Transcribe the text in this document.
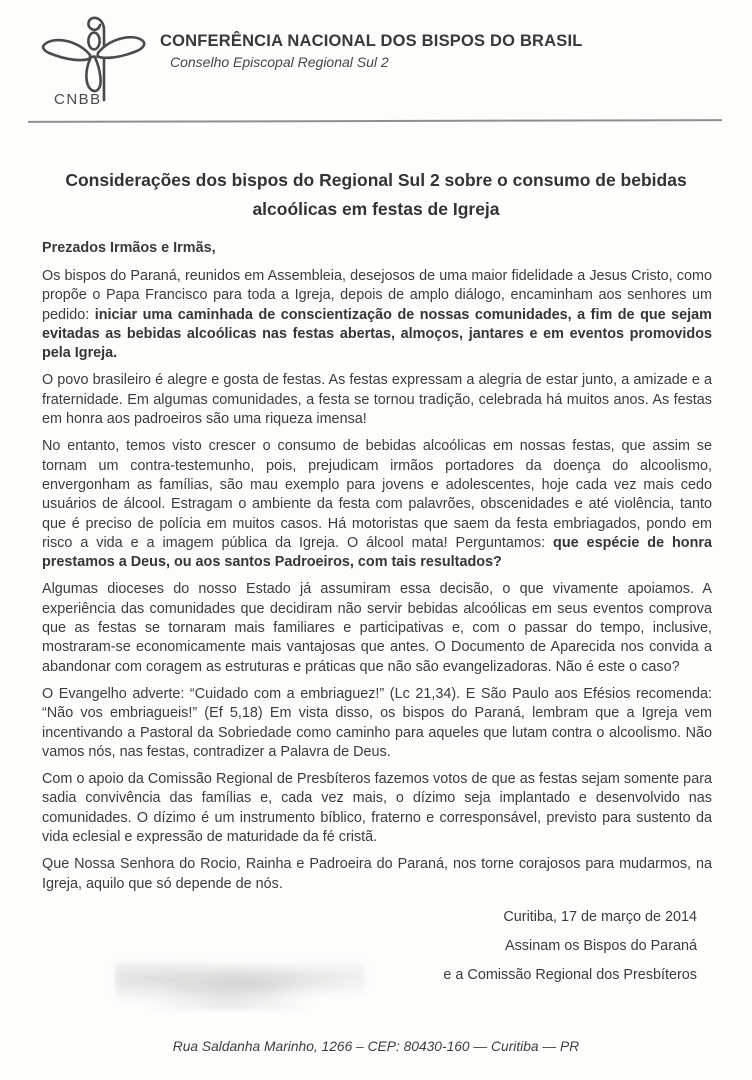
CNBB
CONFERÊNCIA NACIONAL DOS BISPOS DO BRASIL
Conselho Episcopal Regional Sul 2
Considerações dos bispos do Regional Sul 2 sobre o consumo de bebidas alcoólicas em festas de Igreja

Prezados Irmãos e Irmãs,

Os bispos do Paraná, reunidos em Assembleia, desejosos de uma maior fidelidade a Jesus Cristo, como propõe o Papa Francisco para toda a Igreja, depois de amplo diálogo, encaminham aos senhores um pedido: iniciar uma caminhada de conscientização de nossas comunidades, a fim de que sejam evitadas as bebidas alcoólicas nas festas abertas, almoços, jantares e em eventos promovidos pela Igreja.

O povo brasileiro é alegre e gosta de festas. As festas expressam a alegria de estar junto, a amizade e a fraternidade. Em algumas comunidades, a festa se tornou tradição, celebrada há muitos anos. As festas em honra aos padroeiros são uma riqueza imensa!

No entanto, temos visto crescer o consumo de bebidas alcoólicas em nossas festas, que assim se tornam um contra-testemunho, pois, prejudicam irmãos portadores da doença do alcoolismo, envergonham as famílias, são mau exemplo para jovens e adolescentes, hoje cada vez mais cedo usuários de álcool. Estragam o ambiente da festa com palavrões, obscenidades e até violência, tanto que é preciso de polícia em muitos casos. Há motoristas que saem da festa embriagados, pondo em risco a vida e a imagem pública da Igreja. O álcool mata! Perguntamos: que espécie de honra prestamos a Deus, ou aos santos Padroeiros, com tais resultados?

Algumas dioceses do nosso Estado já assumiram essa decisão, o que vivamente apoiamos. A experiência das comunidades que decidiram não servir bebidas alcoólicas em seus eventos comprova que as festas se tornaram mais familiares e participativas e, com o passar do tempo, inclusive, mostraram-se economicamente mais vantajosas que antes. O Documento de Aparecida nos convida a abandonar com coragem as estruturas e práticas que não são evangelizadoras. Não é este o caso?

O Evangelho adverte: “Cuidado com a embriaguez!” (Lc 21,34). E São Paulo aos Efésios recomenda: “Não vos embriagueis!” (Ef 5,18) Em vista disso, os bispos do Paraná, lembram que a Igreja vem incentivando a Pastoral da Sobriedade como caminho para aqueles que lutam contra o alcoolismo. Não vamos nós, nas festas, contradizer a Palavra de Deus.

Com o apoio da Comissão Regional de Presbíteros fazemos votos de que as festas sejam somente para sadia convivência das famílias e, cada vez mais, o dízimo seja implantado e desenvolvido nas comunidades. O dízimo é um instrumento bíblico, fraterno e corresponsável, previsto para sustento da vida eclesial e expressão de maturidade da fé cristã.

Que Nossa Senhora do Rocio, Rainha e Padroeira do Paraná, nos torne corajosos para mudarmos, na Igreja, aquilo que só depende de nós.

Curitiba, 17 de março de 2014
Assinam os Bispos do Paraná
e a Comissão Regional dos Presbíteros
Rua Saldanha Marinho, 1266 – CEP: 80430-160 — Curitiba — PR
